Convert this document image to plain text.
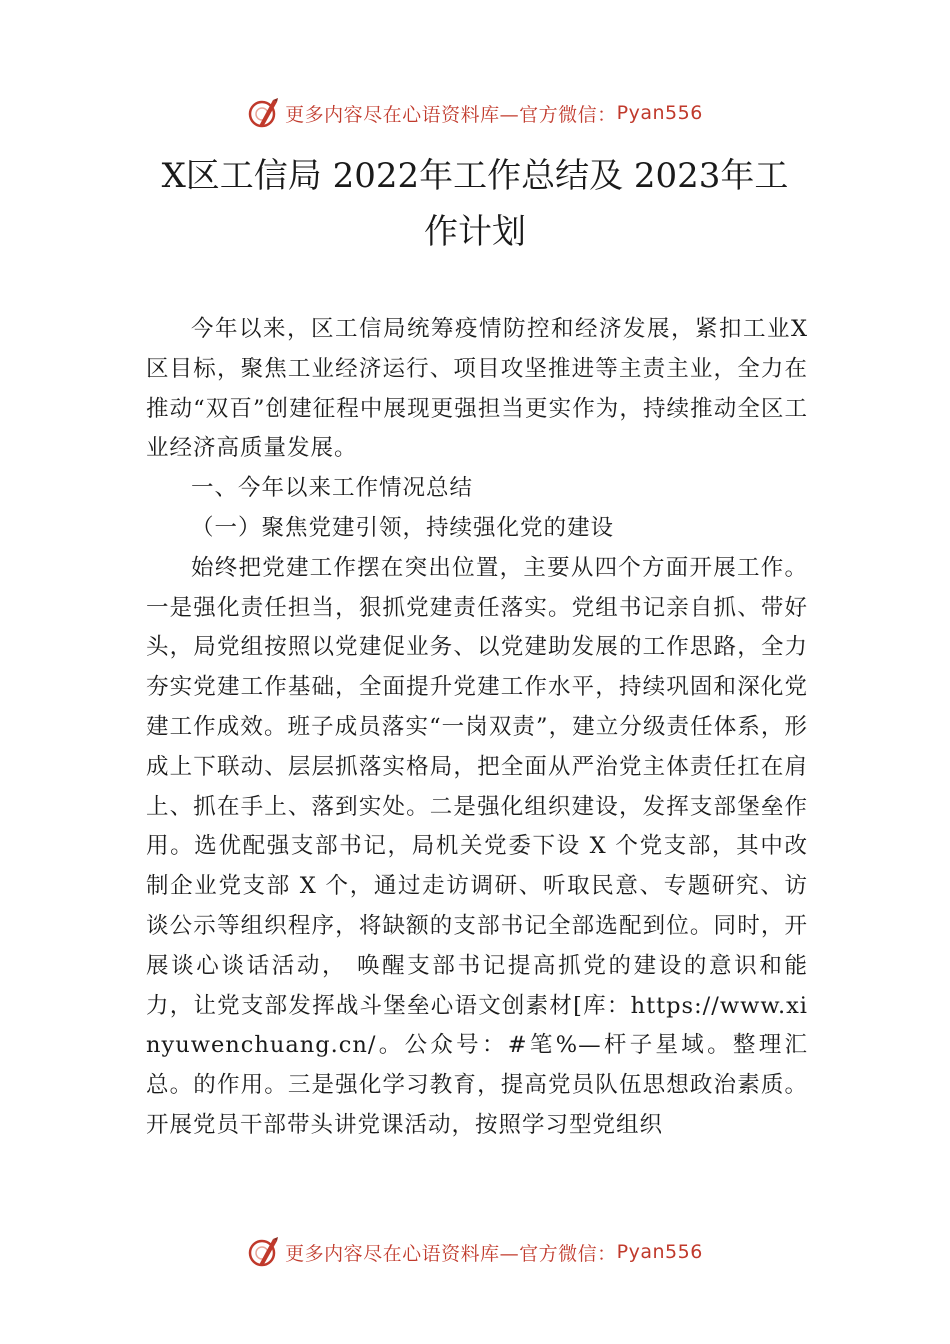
更多内容尽在心语资料库—官方微信： Pyan556
X区工信局 2022年工作总结及 2023年工作计划

今年以来，区工信局统筹疫情防控和经济发展，紧扣工业X区目标，聚焦工业经济运行、项目攻坚推进等主责主业，全力在推动“双百”创建征程中展现更强担当更实作为，持续推动全区工业经济高质量发展。

一、今年以来工作情况总结

（一）聚焦党建引领，持续强化党的建设

始终把党建工作摆在突出位置，主要从四个方面开展工作。一是强化责任担当，狠抓党建责任落实。党组书记亲自抓、带好头，局党组按照以党建促业务、以党建助发展的工作思路，全力夯实党建工作基础，全面提升党建工作水平，持续巩固和深化党建工作成效。班子成员落实“一岗双责”，建立分级责任体系，形成上下联动、层层抓落实格局，把全面从严治党主体责任扛在肩上、抓在手上、落到实处。二是强化组织建设，发挥支部堡垒作用。选优配强支部书记，局机关党委下设 X 个党支部，其中改制企业党支部 X 个，通过走访调研、听取民意、专题研究、访谈公示等组织程序，将缺额的支部书记全部选配到位。同时，开展谈心谈话活动， 唤醒支部书记提高抓党的建设的意识和能力，让党支部发挥战斗堡垒心语文创素材[库：https://www.xinyuwenchuang.cn/。公众号：#笔%—杆子星域。整理汇总。的作用。三是强化学习教育，提高党员队伍思想政治素质。开展党员干部带头讲党课活动，按照学习型党组织

更多内容尽在心语资料库—官方微信： Pyan556
